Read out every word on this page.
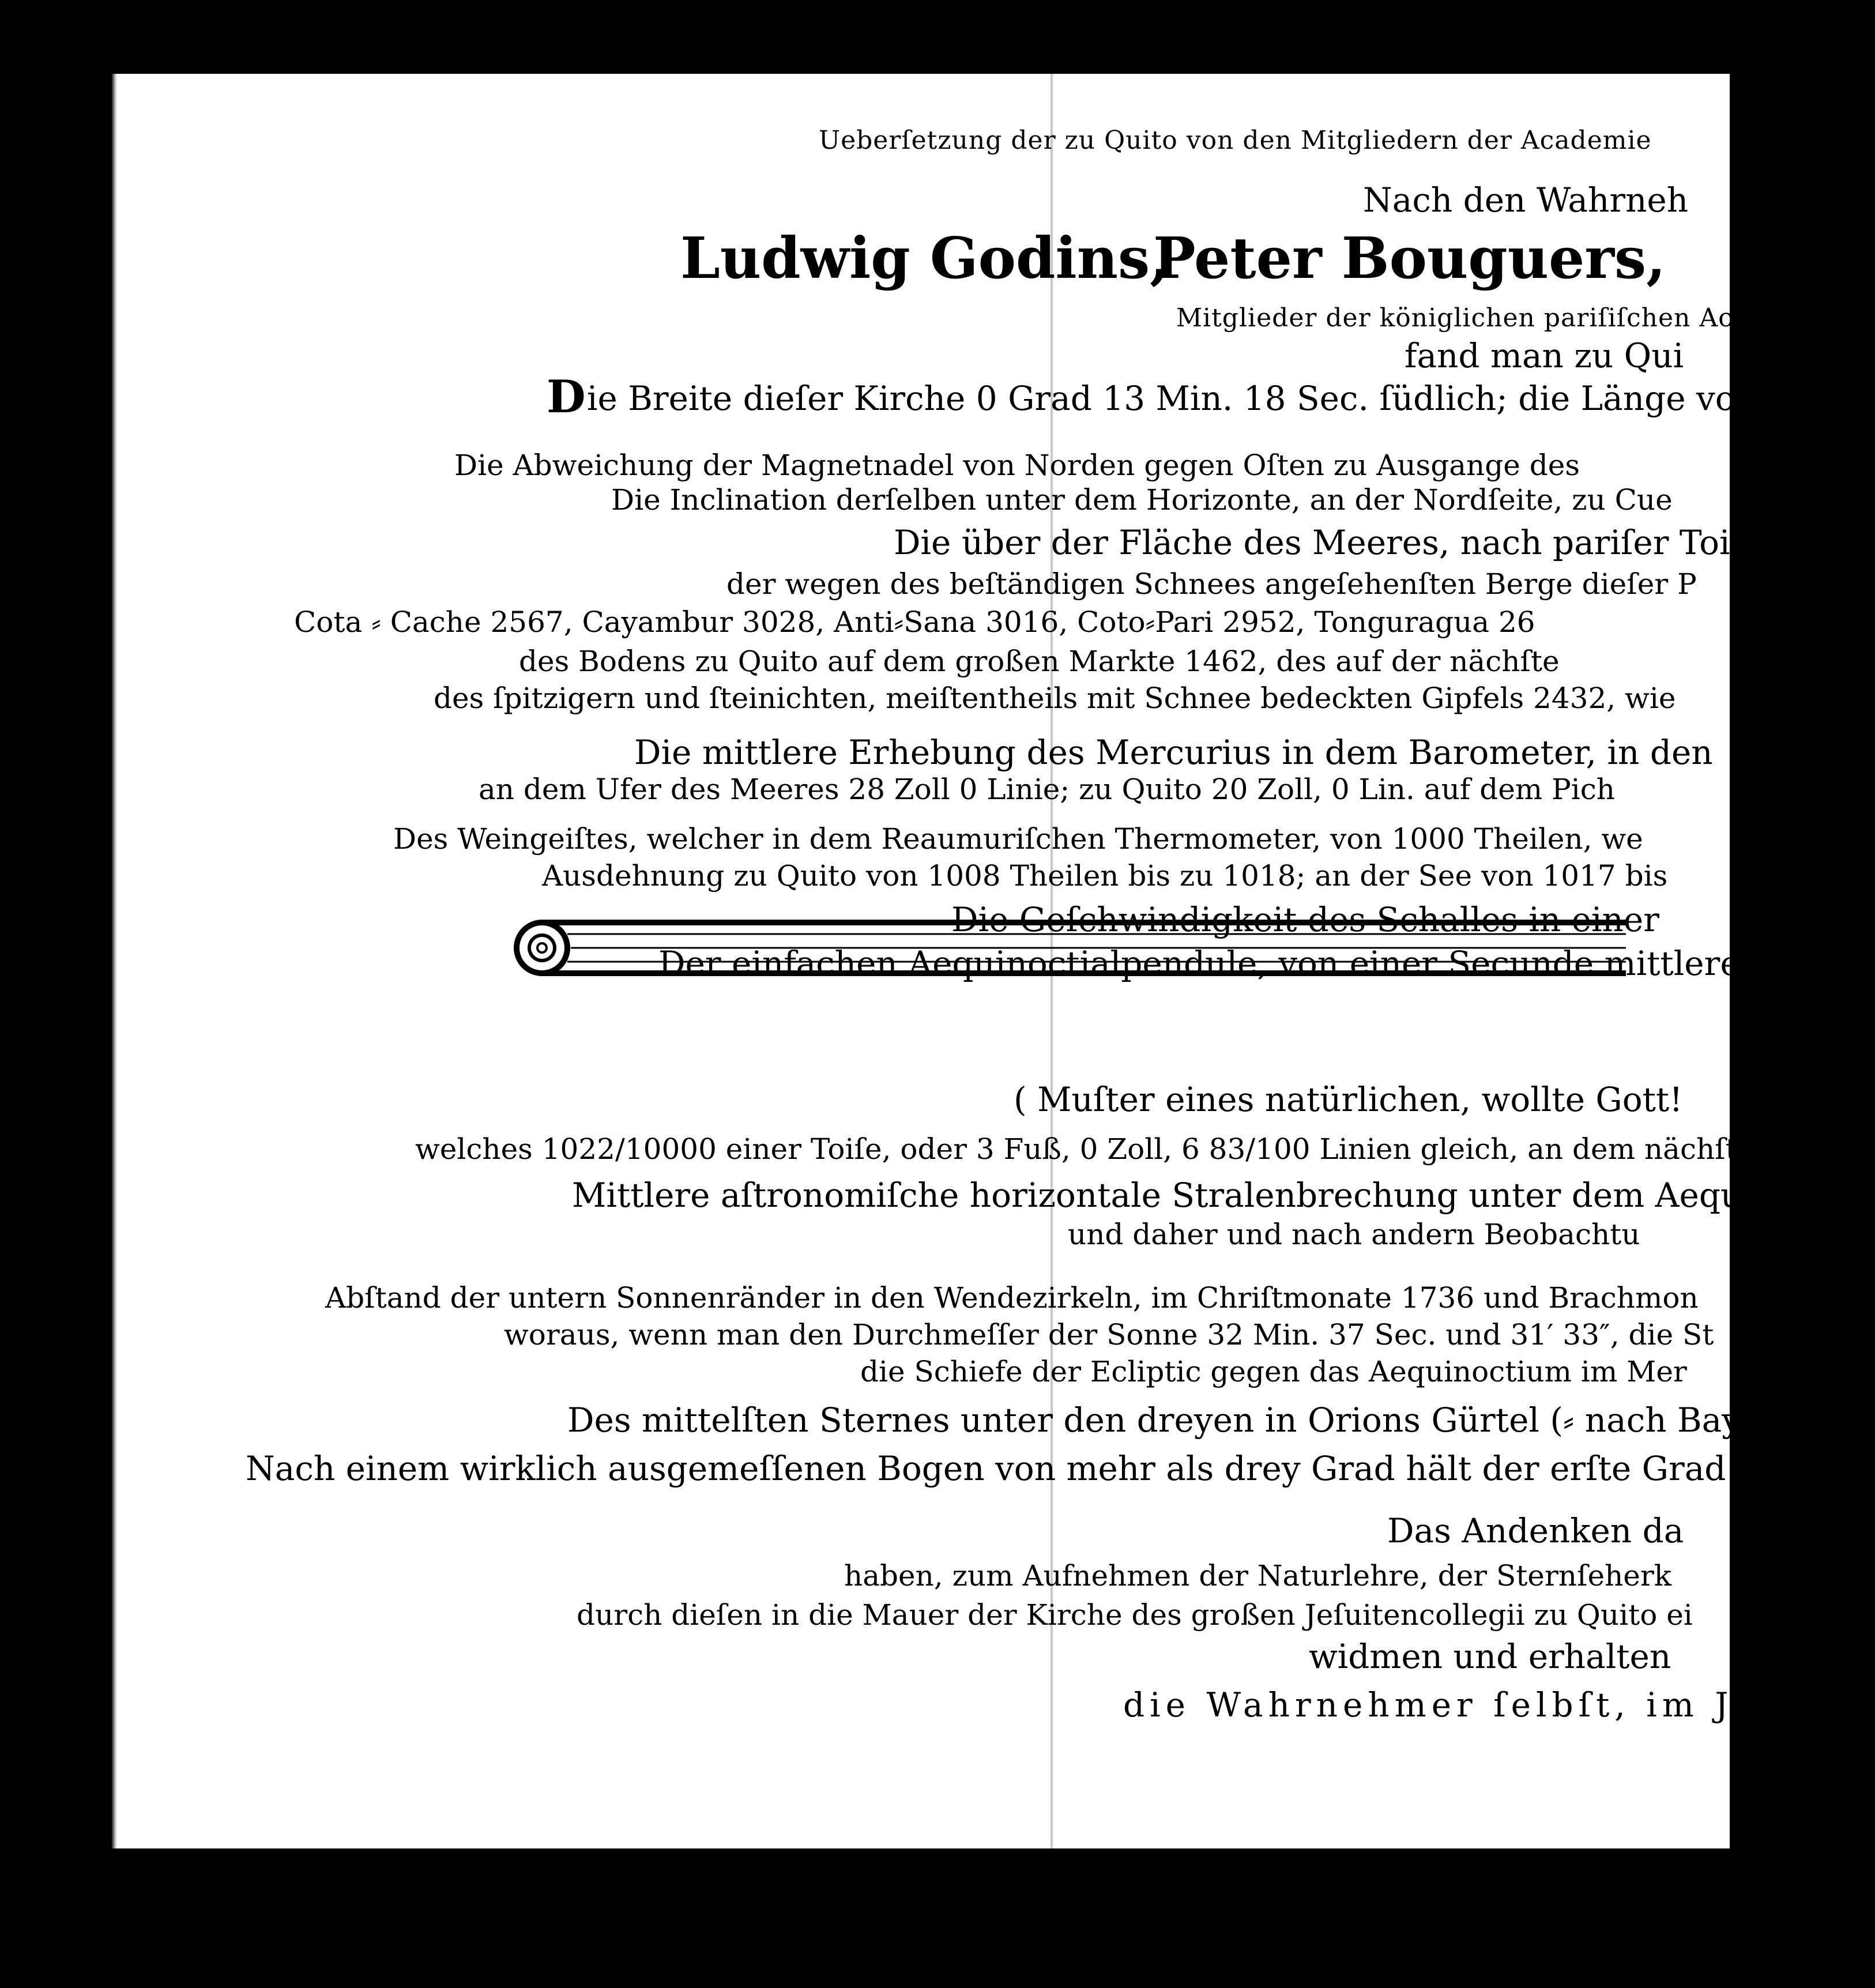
Ueberſetzung der zu Quito von den Mitgliedern der Academie
Nach den Wahrneh
Ludwig Godins,
Peter Bouguers,
Mitglieder der königlichen pariſiſchen Aca
fand man zu Qui
D ie Breite dieſer Kirche 0 Grad 13 Min. 18 Sec. ſüdlich; die Länge von
Die Abweichung der Magnetnadel von Norden gegen Oſten zu Ausgange des
Die Inclination derſelben unter dem Horizonte, an der Nordſeite, zu Cue
Die über der Fläche des Meeres, nach pariſer Toiſe
der wegen des beſtändigen Schnees angeſehenſten Berge dieſer P
Cota ⸗ Cache 2567, Cayambur 3028, Anti⸗Sana 3016, Coto⸗Pari 2952, Tonguragua 26
des Bodens zu Quito auf dem großen Markte 1462, des auf der nächſte
des ſpitzigern und ſteinichten, meiſtentheils mit Schnee bedeckten Gipfels 2432, wie
Die mittlere Erhebung des Mercurius in dem Barometer, in den
an dem Ufer des Meeres 28 Zoll 0 Linie; zu Quito 20 Zoll, 0 Lin. auf dem Pich
Des Weingeiſtes, welcher in dem Reaumuriſchen Thermometer, von 1000 Theilen, we
Ausdehnung zu Quito von 1008 Theilen bis zu 1018; an der See von 1017 bis
Die Geſchwindigkeit des Schalles in einer
Der einfachen Aequinoctialpendule, von einer Secunde mittlerer Zeit,
( Muſter eines natürlichen, wollte Gott!
welches 1022/10000 einer Toiſe, oder 3 Fuß, 0 Zoll, 6 83/100 Linien gleich, an dem nächſten Ufer d
Mittlere aſtronomiſche horizontale Stralenbrechung unter dem Aequator; an
und daher und nach andern Beobachtu
Abſtand der untern Sonnenränder in den Wendezirkeln, im Chriſtmonate 1736 und Brachmon
woraus, wenn man den Durchmeſſer der Sonne 32 Min. 37 Sec. und 31′ 33″, die St
die Schiefe der Ecliptic gegen das Aequinoctium im Mer
Des mittelſten Sternes unter den dreyen in Orions Gürtel (⸗ nach Bayern)
Nach einem wirklich ausgemeſſenen Bogen von mehr als drey Grad hält der erſte Grad der
Das Andenken da
haben, zum Aufnehmen der Naturlehre, der Sternſeherk
durch dieſen in die Mauer der Kirche des großen Jeſuitencollegii zu Quito ei
widmen und erhalten
die Wahrnehmer ſelbſt, im J
